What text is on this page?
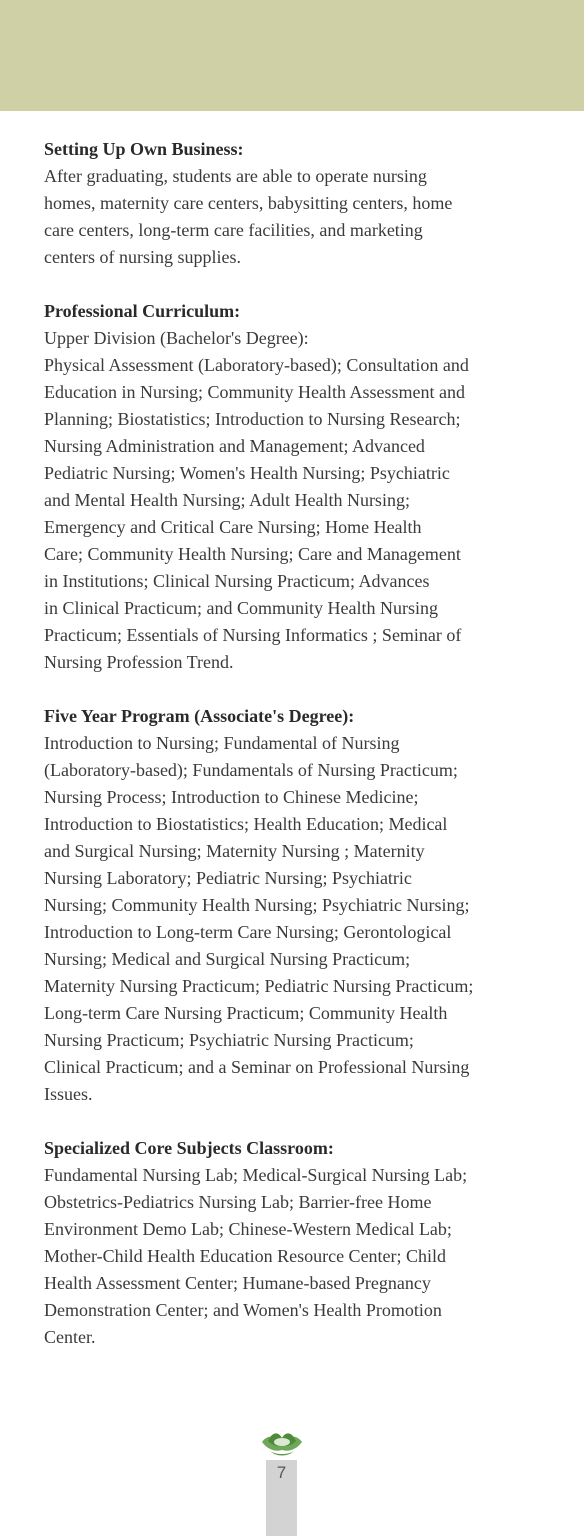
Setting Up Own Business:
After graduating, students are able to operate nursing
homes, maternity care centers, babysitting centers, home
care centers, long-term care facilities, and marketing
centers of nursing supplies.
Professional Curriculum:
Upper Division (Bachelor's Degree):
Physical Assessment (Laboratory-based); Consultation and
Education in Nursing; Community Health Assessment and
Planning; Biostatistics; Introduction to Nursing Research;
Nursing Administration and Management; Advanced
Pediatric Nursing; Women's Health Nursing; Psychiatric
and Mental Health Nursing; Adult Health Nursing;
Emergency and Critical Care Nursing; Home Health
Care; Community Health Nursing; Care and Management
in Institutions; Clinical Nursing Practicum; Advances
in Clinical Practicum; and Community Health Nursing
Practicum; Essentials of Nursing Informatics ; Seminar of
Nursing Profession Trend.
Five Year Program (Associate's Degree):
Introduction to Nursing; Fundamental of Nursing
(Laboratory-based); Fundamentals of Nursing Practicum;
Nursing Process; Introduction to Chinese Medicine;
Introduction to Biostatistics; Health Education; Medical
and Surgical Nursing; Maternity Nursing ; Maternity
Nursing Laboratory; Pediatric Nursing; Psychiatric
Nursing; Community Health Nursing; Psychiatric Nursing;
Introduction to Long-term Care Nursing; Gerontological
Nursing; Medical and Surgical Nursing Practicum;
Maternity Nursing Practicum; Pediatric Nursing Practicum;
Long-term Care Nursing Practicum; Community Health
Nursing Practicum; Psychiatric Nursing Practicum;
Clinical Practicum; and a Seminar on Professional Nursing
Issues.
Specialized Core Subjects Classroom:
Fundamental Nursing Lab; Medical-Surgical Nursing Lab;
Obstetrics-Pediatrics Nursing Lab; Barrier-free Home
Environment Demo Lab; Chinese-Western Medical Lab;
Mother-Child Health Education Resource Center; Child
Health Assessment Center; Humane-based Pregnancy
Demonstration Center; and Women's Health Promotion
Center.
7
